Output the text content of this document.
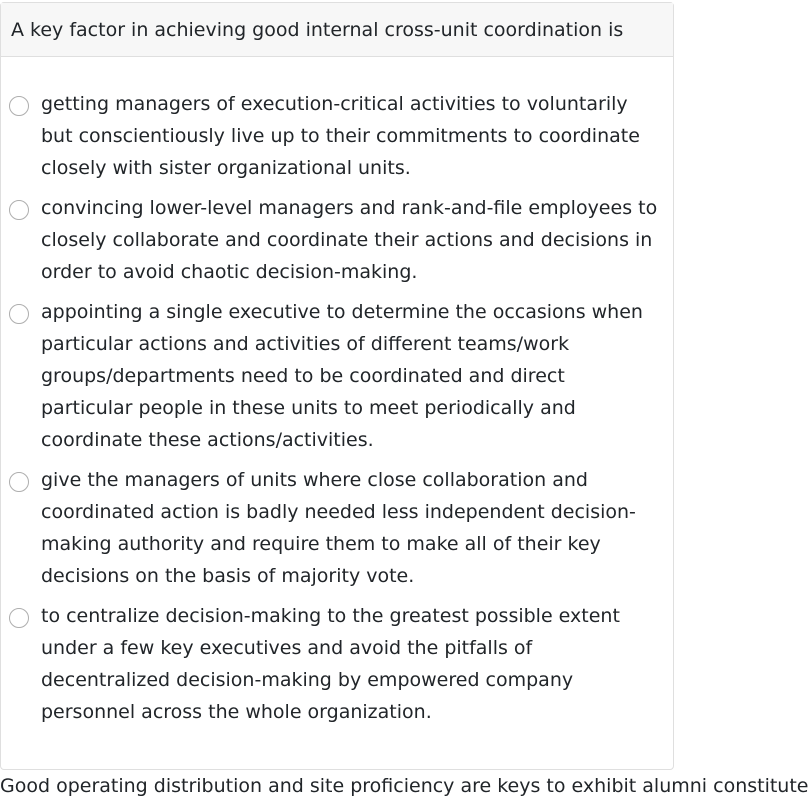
A key factor in achieving good internal cross-unit coordination is
getting managers of execution-critical activities to voluntarily but conscientiously live up to their commitments to coordinate closely with sister organizational units.
convincing lower-level managers and rank-and-file employees to closely collaborate and coordinate their actions and decisions in order to avoid chaotic decision-making.
appointing a single executive to determine the occasions when particular actions and activities of different teams/work groups/departments need to be coordinated and direct particular people in these units to meet periodically and coordinate these actions/activities.
give the managers of units where close collaboration and coordinated action is badly needed less independent decision-making authority and require them to make all of their key decisions on the basis of majority vote.
to centralize decision-making to the greatest possible extent under a few key executives and avoid the pitfalls of decentralized decision-making by empowered company personnel across the whole organization.
Good operating distribution and site proficiency are keys to exhibit alumni constitute
